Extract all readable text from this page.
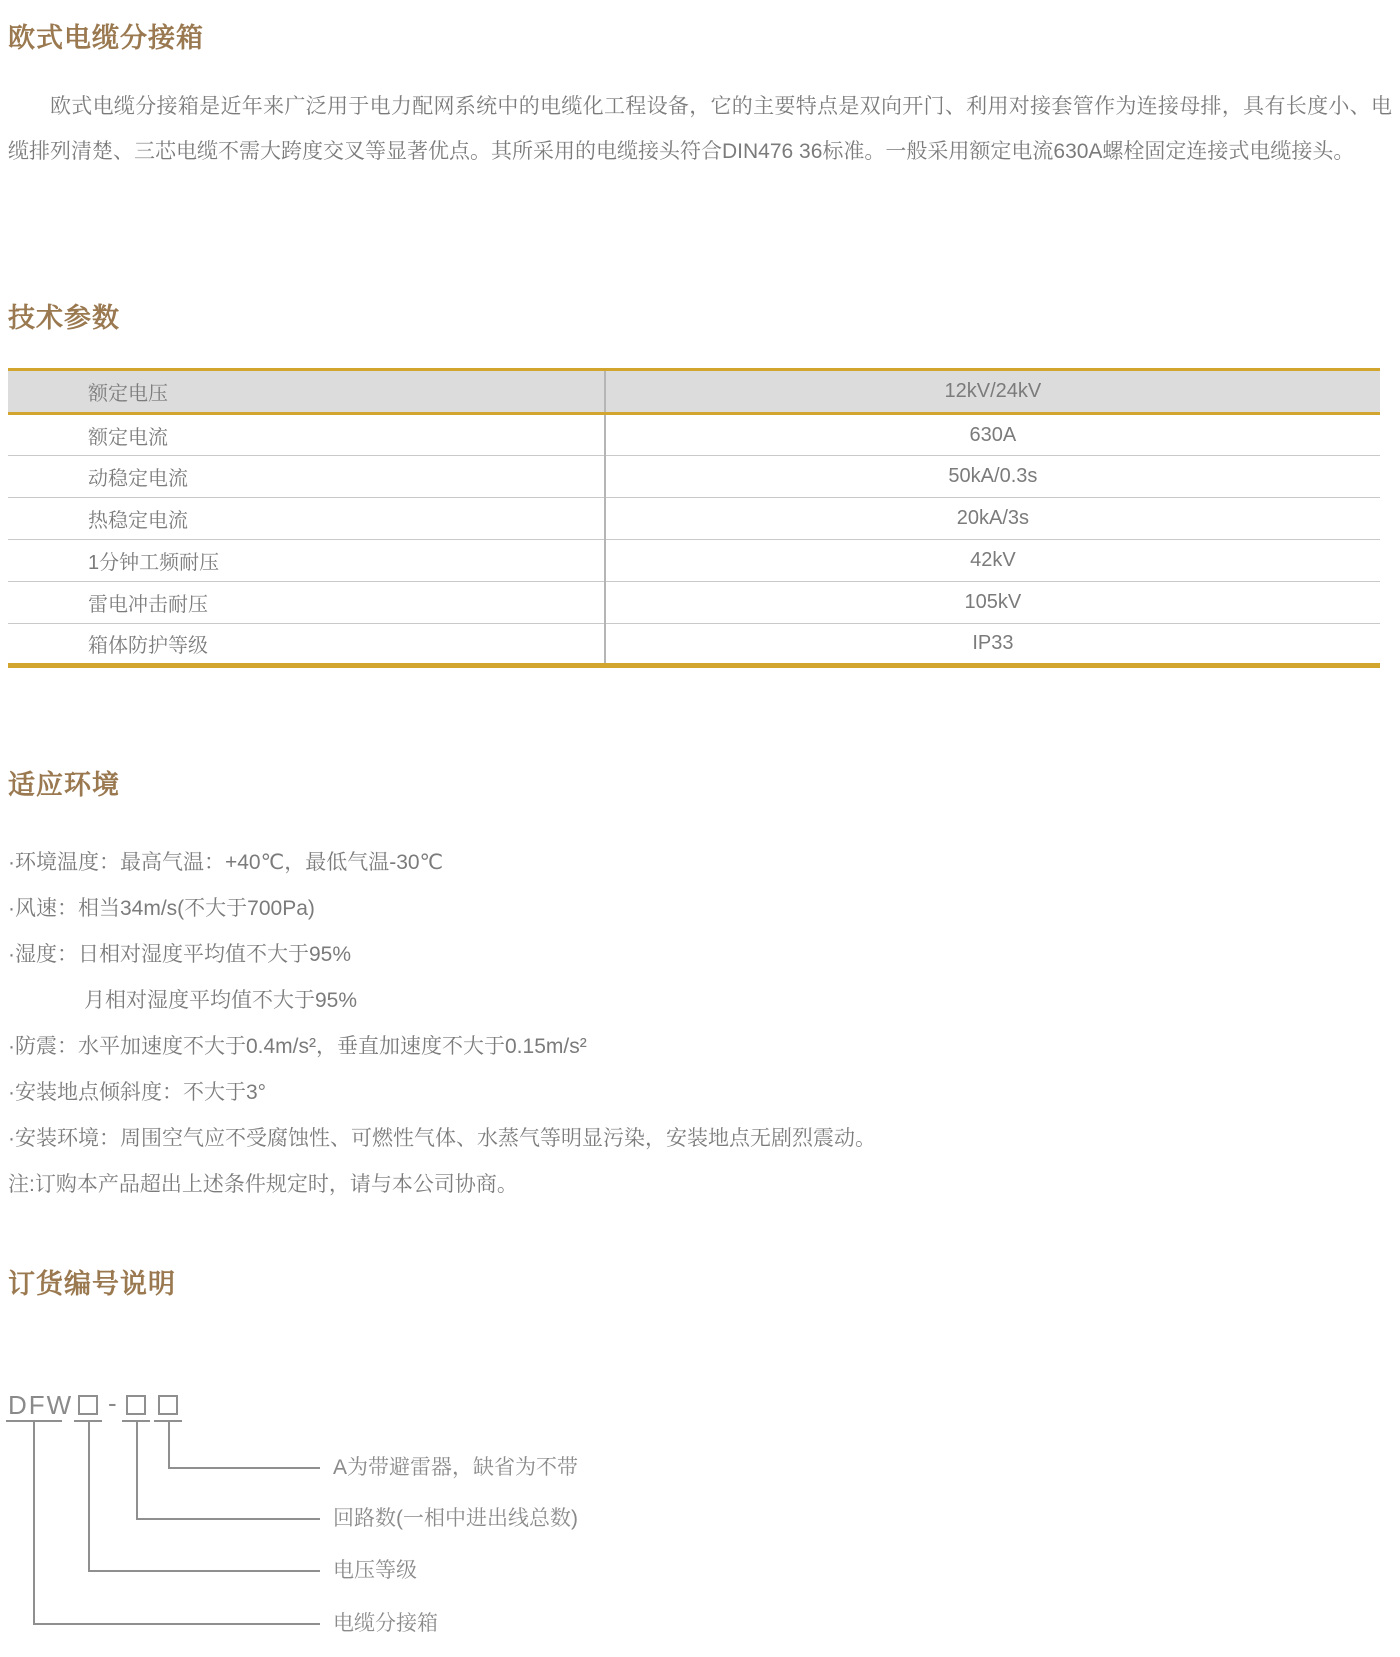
欧式电缆分接箱

欧式电缆分接箱是近年来广泛用于电力配网系统中的电缆化工程设备，它的主要特点是双向开门、利用对接套管作为连接母排，具有长度小、电缆排列清楚、三芯电缆不需大跨度交叉等显著优点。其所采用的电缆接头符合DIN476 36标准。一般采用额定电流630A螺栓固定连接式电缆接头。

技术参数
额定电压	12kV/24kV
额定电流	630A
动稳定电流	50kA/0.3s
热稳定电流	20kA/3s
1分钟工频耐压	42kV
雷电冲击耐压	105kV
箱体防护等级	IP33
适应环境
·环境温度：最高气温：+40℃，最低气温-30℃
·风速：相当34m/s(不大于700Pa)
·湿度：日相对湿度平均值不大于95%
月相对湿度平均值不大于95%
·防震：水平加速度不大于0.4m/s²，垂直加速度不大于0.15m/s²
·安装地点倾斜度：不大于3°
·安装环境：周围空气应不受腐蚀性、可燃性气体、水蒸气等明显污染，安装地点无剧烈震动。
注:订购本产品超出上述条件规定时，请与本公司协商。
订货编号说明
DFW -
A为带避雷器，缺省为不带
回路数(一相中进出线总数)
电压等级
电缆分接箱
